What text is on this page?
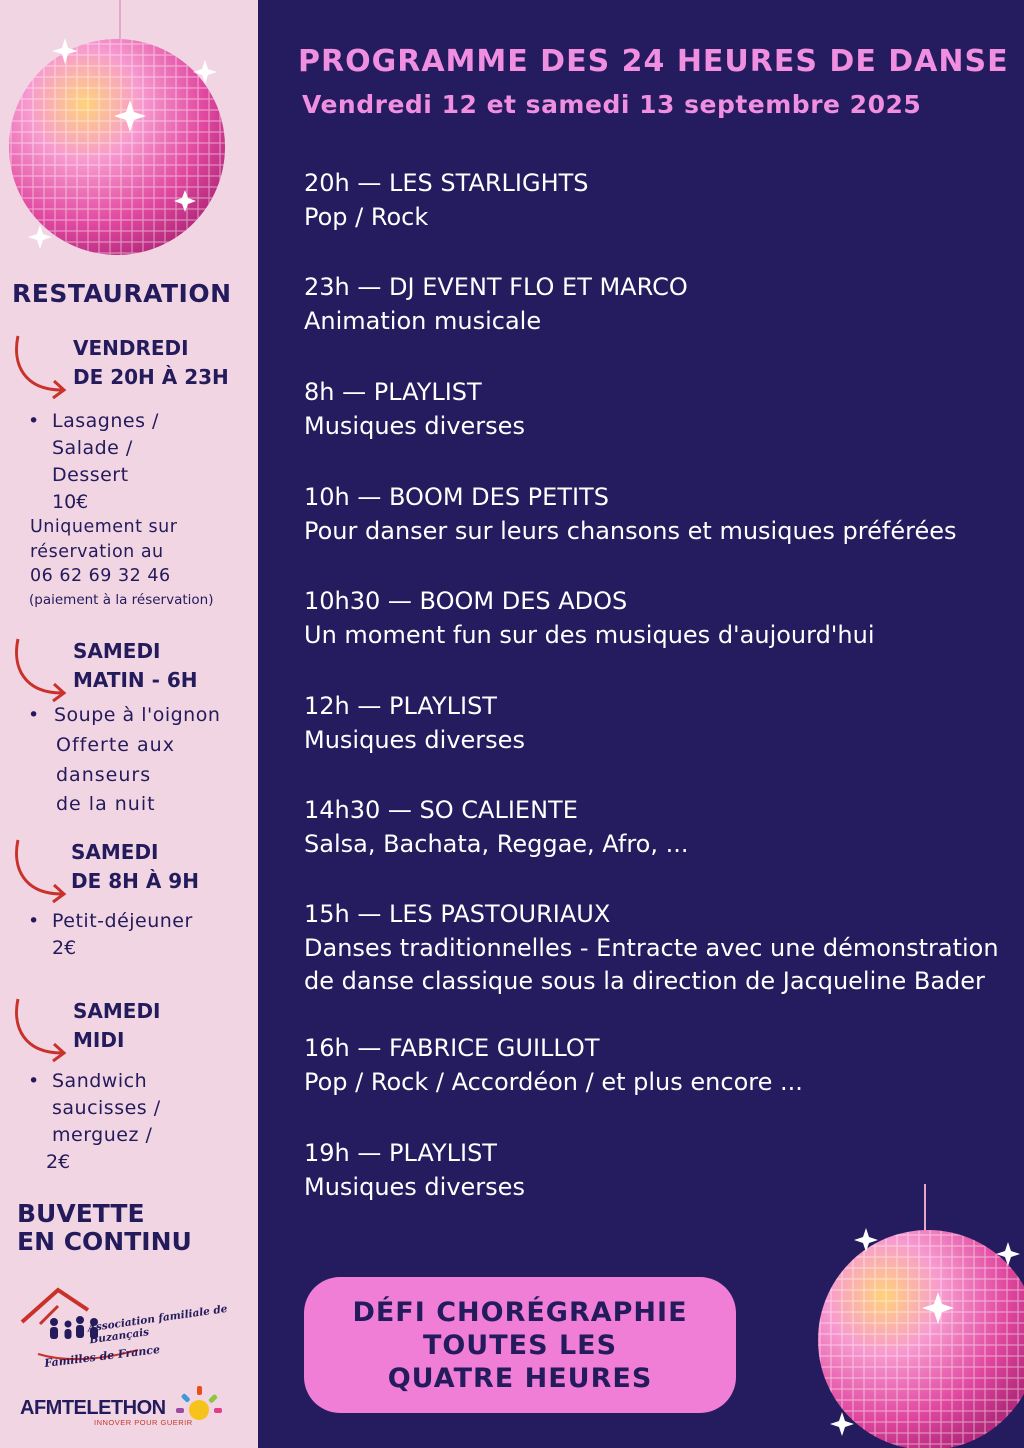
RESTAURATION
VENDREDI
DE 20H À 23H
• Lasagnes /
Salade /
Dessert
10€
Uniquement sur
réservation au
06 62 69 32 46
(paiement à la réservation)
SAMEDI
MATIN - 6H
• Soupe à l'oignon
Offerte aux
danseurs
de la nuit
SAMEDI
DE 8H À 9H
• Petit-déjeuner
2€
SAMEDI
MIDI
• Sandwich
saucisses /
merguez /
2€
BUVETTE
EN CONTINU
Association familiale de Buzançais
Familles de France
AFMTELETHON
INNOVER POUR GUERIR
PROGRAMME DES 24 HEURES DE DANSE
Vendredi 12 et samedi 13 septembre 2025
20h — LES STARLIGHTS
Pop / Rock
23h — DJ EVENT FLO ET MARCO
Animation musicale
8h — PLAYLIST
Musiques diverses
10h — BOOM DES PETITS
Pour danser sur leurs chansons et musiques préférées
10h30 — BOOM DES ADOS
Un moment fun sur des musiques d'aujourd'hui
12h — PLAYLIST
Musiques diverses
14h30 — SO CALIENTE
Salsa, Bachata, Reggae, Afro, ...
15h — LES PASTOURIAUX
Danses traditionnelles - Entracte avec une démonstration
de danse classique sous la direction de Jacqueline Bader
16h — FABRICE GUILLOT
Pop / Rock / Accordéon / et plus encore ...
19h — PLAYLIST
Musiques diverses
DÉFI CHORÉGRAPHIE
TOUTES LES
QUATRE HEURES
